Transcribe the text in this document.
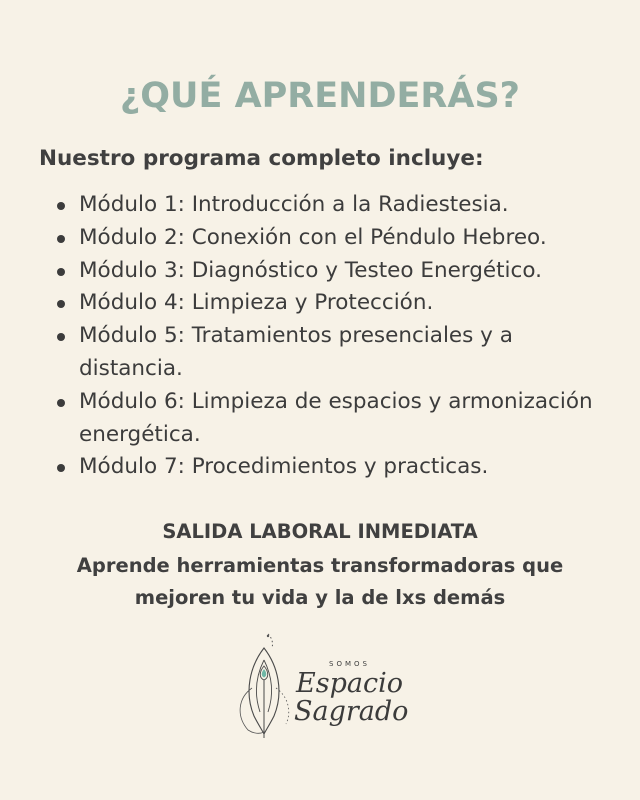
¿QUÉ APRENDERÁS?
Nuestro programa completo incluye:
Módulo 1: Introducción a la Radiestesia.
Módulo 2: Conexión con el Péndulo Hebreo.
Módulo 3: Diagnóstico y Testeo Energético.
Módulo 4: Limpieza y Protección.
Módulo 5: Tratamientos presenciales y a distancia.
Módulo 6: Limpieza de espacios y armonización energética.
Módulo 7: Procedimientos y practicas.
SALIDA LABORAL INMEDIATA
Aprende herramientas transformadoras que mejoren tu vida y la de lxs demás
SOMOS
Espacio
Sagrado
